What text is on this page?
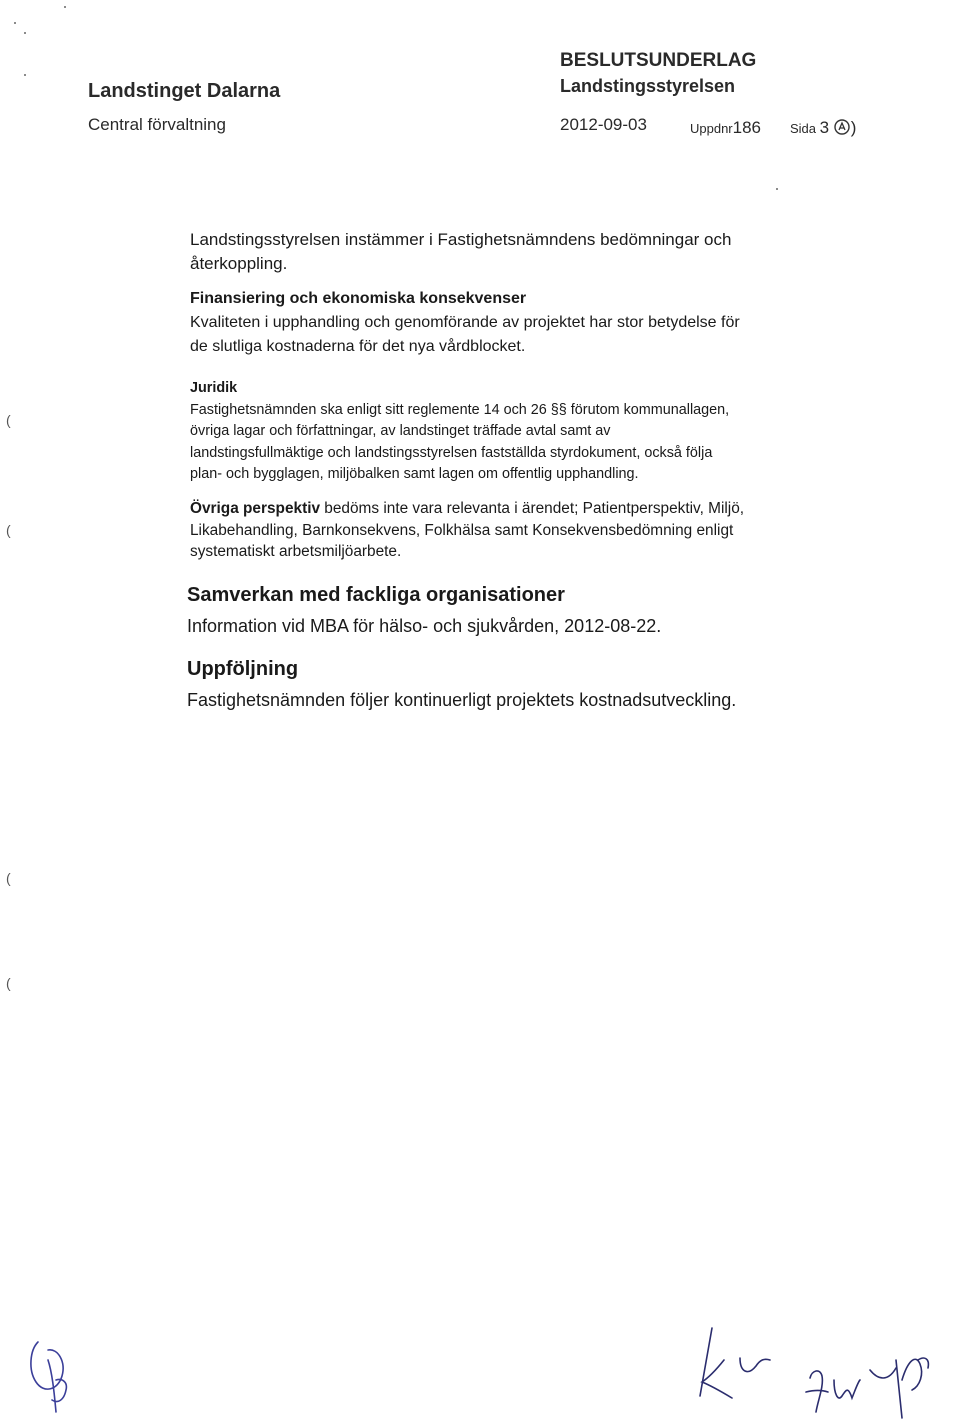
Landstinget Dalarna
Central förvaltning
BESLUTSUNDERLAG
Landstingsstyrelsen
2012-09-03	Uppdnr186 Sida 3 )
Landstingsstyrelsen instämmer i Fastighetsnämndens bedömningar och
återkoppling.
Finansiering och ekonomiska konsekvenser
Kvaliteten i upphandling och genomförande av projektet har stor betydelse för
de slutliga kostnaderna för det nya vårdblocket.
Juridik
Fastighetsnämnden ska enligt sitt reglemente 14 och 26 §§ förutom kommunallagen,
övriga lagar och författningar, av landstinget träffade avtal samt av
landstingsfullmäktige och landstingsstyrelsen fastställda styrdokument, också följa
plan- och bygglagen, miljöbalken samt lagen om offentlig upphandling.
Övriga perspektiv bedöms inte vara relevanta i ärendet; Patientperspektiv, Miljö,
Likabehandling, Barnkonsekvens, Folkhälsa samt Konsekvensbedömning enligt
systematiskt arbetsmiljöarbete.
Samverkan med fackliga organisationer
Information vid MBA för hälso- och sjukvården, 2012-08-22.
Uppföljning
Fastighetsnämnden följer kontinuerligt projektets kostnadsutveckling.
(
(
(
(
